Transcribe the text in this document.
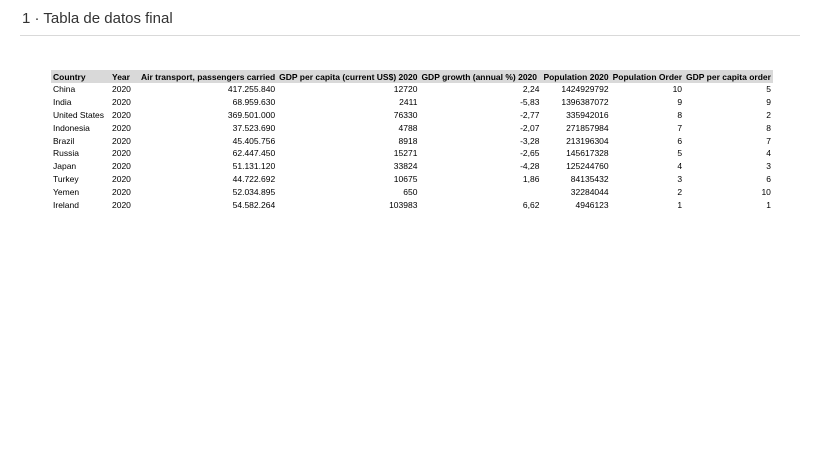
1 · Tabla de datos final
Country	Year	Air transport, passengers carried	GDP per capita (current US$) 2020	GDP growth (annual %) 2020	Population 2020	Population Order	GDP per capita order
China	2020	417.255.840	12720	2,24	1424929792	10	5
India	2020	68.959.630	2411	-5,83	1396387072	9	9
United States	2020	369.501.000	76330	-2,77	335942016	8	2
Indonesia	2020	37.523.690	4788	-2,07	271857984	7	8
Brazil	2020	45.405.756	8918	-3,28	213196304	6	7
Russia	2020	62.447.450	15271	-2,65	145617328	5	4
Japan	2020	51.131.120	33824	-4,28	125244760	4	3
Turkey	2020	44.722.692	10675	1,86	84135432	3	6
Yemen	2020	52.034.895	650		32284044	2	10
Ireland	2020	54.582.264	103983	6,62	4946123	1	1
